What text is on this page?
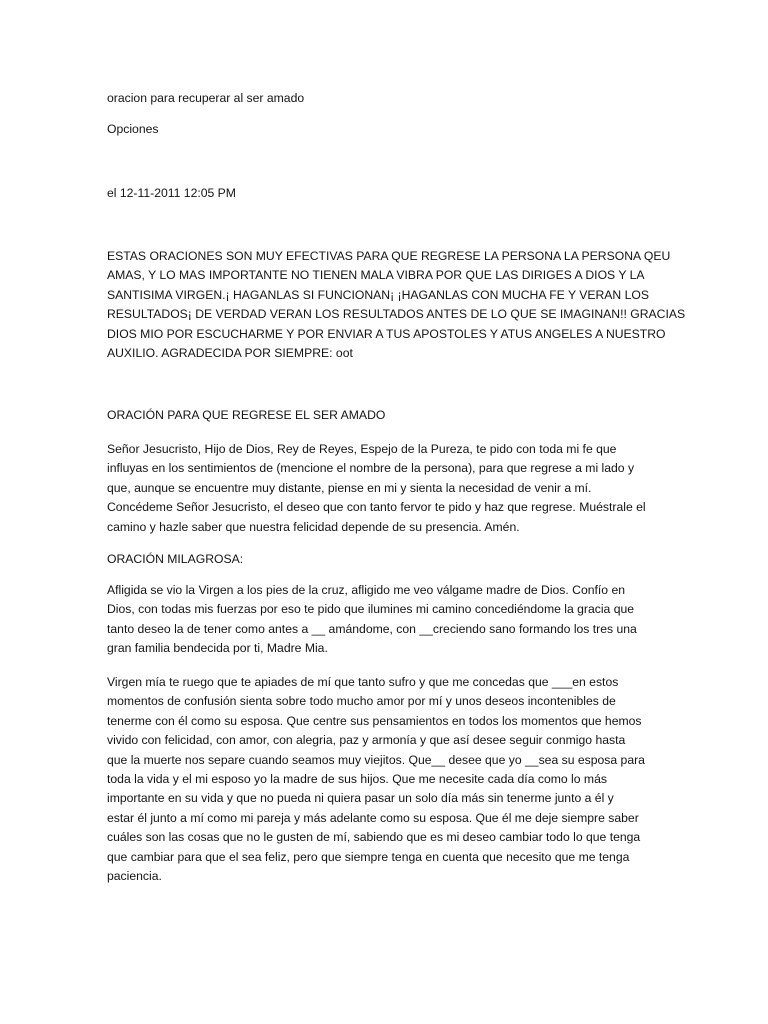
oracion para recuperar al ser amado

Opciones

el 12-11-2011 12:05 PM

ESTAS ORACIONES SON MUY EFECTIVAS PARA QUE REGRESE LA PERSONA LA PERSONA QEU
AMAS, Y LO MAS IMPORTANTE NO TIENEN MALA VIBRA POR QUE LAS DIRIGES A DIOS Y LA
SANTISIMA VIRGEN.¡ HAGANLAS SI FUNCIONAN¡ ¡HAGANLAS CON MUCHA FE Y VERAN LOS
RESULTADOS¡ DE VERDAD VERAN LOS RESULTADOS ANTES DE LO QUE SE IMAGINAN!! GRACIAS
DIOS MIO POR ESCUCHARME Y POR ENVIAR A TUS APOSTOLES Y ATUS ANGELES A NUESTRO
AUXILIO. AGRADECIDA POR SIEMPRE: oot

ORACIÓN PARA QUE REGRESE EL SER AMADO

Señor Jesucristo, Hijo de Dios, Rey de Reyes, Espejo de la Pureza, te pido con toda mi fe que
influyas en los sentimientos de (mencione el nombre de la persona), para que regrese a mi lado y
que, aunque se encuentre muy distante, piense en mi y sienta la necesidad de venir a mí.
Concédeme Señor Jesucristo, el deseo que con tanto fervor te pido y haz que regrese. Muéstrale el
camino y hazle saber que nuestra felicidad depende de su presencia. Amén.

ORACIÓN MILAGROSA:

Afligida se vio la Virgen a los pies de la cruz, afligido me veo válgame madre de Dios. Confío en
Dios, con todas mis fuerzas por eso te pido que ilumines mi camino concediéndome la gracia que
tanto deseo la de tener como antes a __ amándome, con __creciendo sano formando los tres una
gran familia bendecida por ti, Madre Mia.
Virgen mía te ruego que te apiades de mí que tanto sufro y que me concedas que ___en estos
momentos de confusión sienta sobre todo mucho amor por mí y unos deseos incontenibles de
tenerme con él como su esposa. Que centre sus pensamientos en todos los momentos que hemos
vivido con felicidad, con amor, con alegria, paz y armonía y que así desee seguir conmigo hasta
que la muerte nos separe cuando seamos muy viejitos. Que__ desee que yo __sea su esposa para
toda la vida y el mi esposo yo la madre de sus hijos. Que me necesite cada día como lo más
importante en su vida y que no pueda ni quiera pasar un solo día más sin tenerme junto a él y
estar él junto a mí como mi pareja y más adelante como su esposa. Que él me deje siempre saber
cuáles son las cosas que no le gusten de mí, sabiendo que es mi deseo cambiar todo lo que tenga
que cambiar para que el sea feliz, pero que siempre tenga en cuenta que necesito que me tenga
paciencia.
